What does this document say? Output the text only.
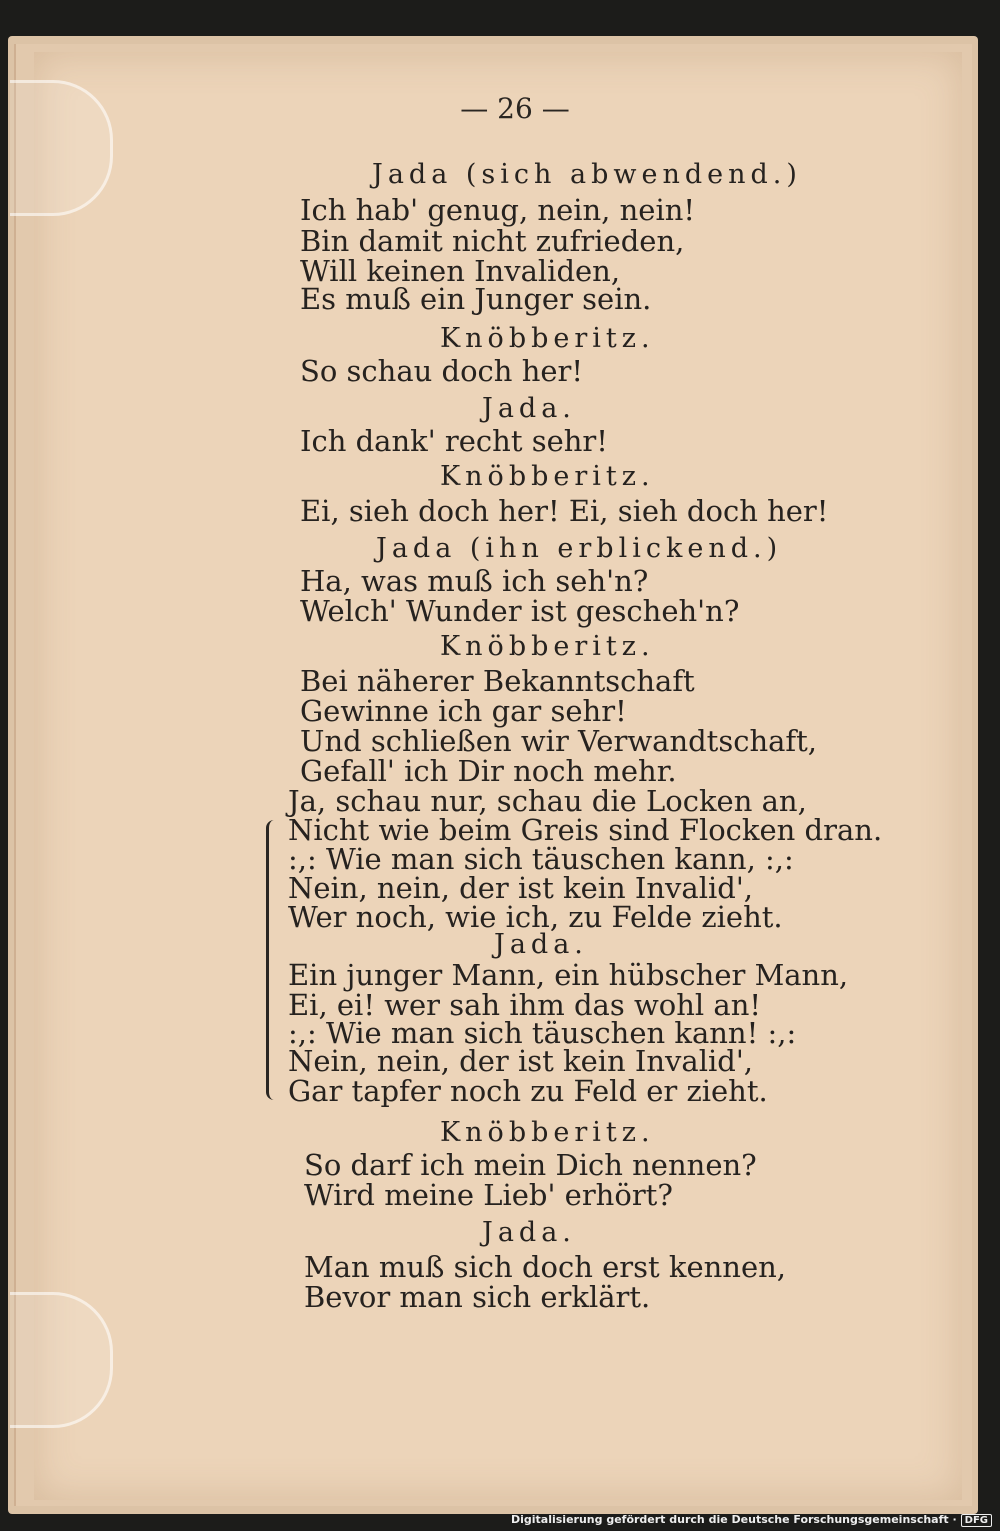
— 26 —

Jada (sich abwendend.)

Ich hab' genug, nein, nein!

Bin damit nicht zufrieden,

Will keinen Invaliden,

Es muß ein Junger sein.

Knöbberitz.

So schau doch her!

Jada.

Ich dank' recht sehr!

Knöbberitz.

Ei, sieh doch her! Ei, sieh doch her!

Jada (ihn erblickend.)

Ha, was muß ich seh'n?

Welch' Wunder ist gescheh'n?

Knöbberitz.

Bei näherer Bekanntschaft

Gewinne ich gar sehr!

Und schließen wir Verwandtschaft,

Gefall' ich Dir noch mehr.

Ja, schau nur, schau die Locken an,

Nicht wie beim Greis sind Flocken dran.

:,: Wie man sich täuschen kann, :,:

Nein, nein, der ist kein Invalid',

Wer noch, wie ich, zu Felde zieht.

Jada.

Ein junger Mann, ein hübscher Mann,

Ei, ei! wer sah ihm das wohl an!

:,: Wie man sich täuschen kann! :,:

Nein, nein, der ist kein Invalid',

Gar tapfer noch zu Feld er zieht.

Knöbberitz.

So darf ich mein Dich nennen?

Wird meine Lieb' erhört?

Jada.

Man muß sich doch erst kennen,

Bevor man sich erklärt.

Digitalisierung gefördert durch die Deutsche Forschungsgemeinschaft · DFG
